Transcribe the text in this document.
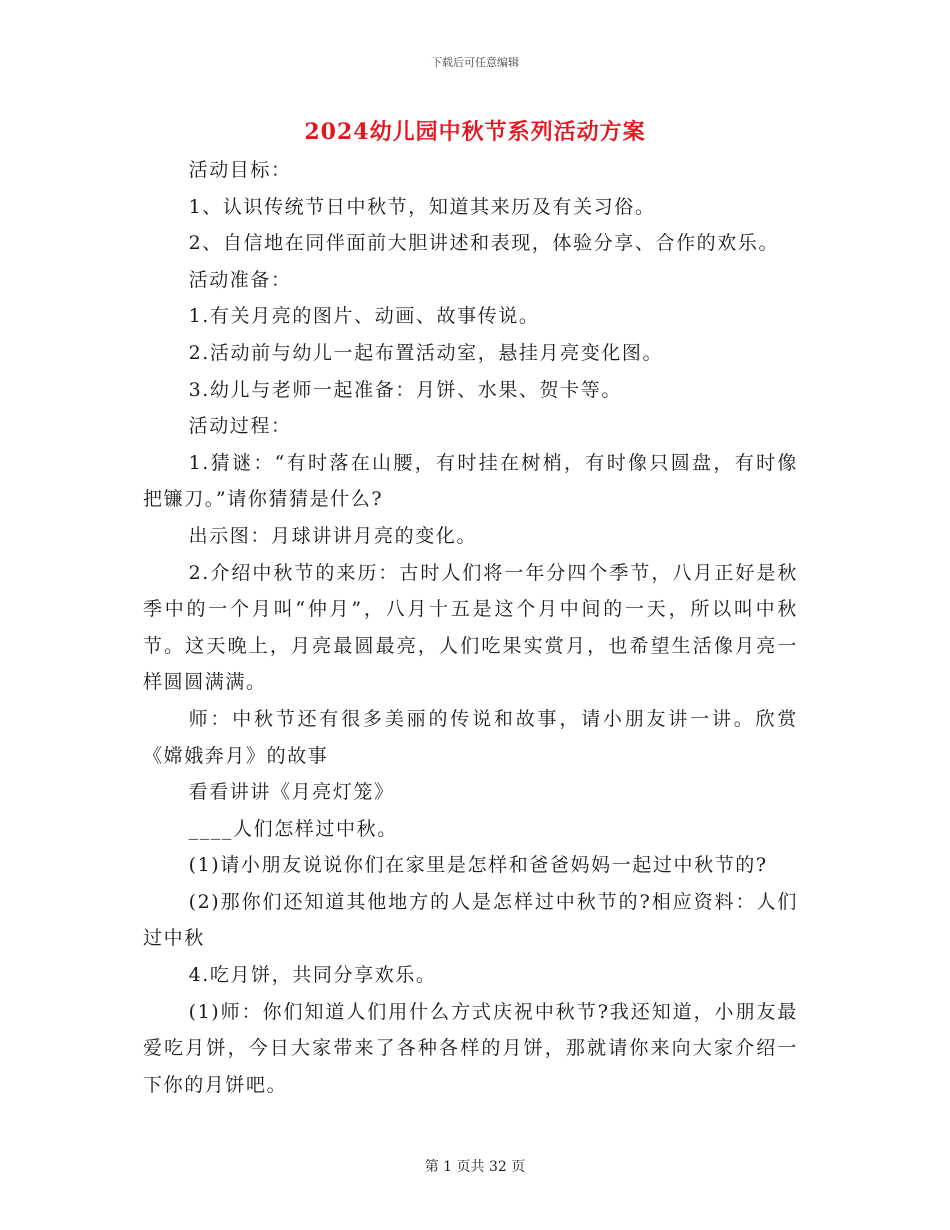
下载后可任意编辑
2024幼儿园中秋节系列活动方案

活动目标：

1、认识传统节日中秋节，知道其来历及有关习俗。

2、自信地在同伴面前大胆讲述和表现，体验分享、合作的欢乐。

活动准备：

1.有关月亮的图片、动画、故事传说。

2.活动前与幼儿一起布置活动室，悬挂月亮变化图。

3.幼儿与老师一起准备：月饼、水果、贺卡等。

活动过程：

1.猜谜：“有时落在山腰，有时挂在树梢，有时像只圆盘，有时像把镰刀。”请你猜猜是什么?

出示图：月球讲讲月亮的变化。

2.介绍中秋节的来历：古时人们将一年分四个季节，八月正好是秋季中的一个月叫“仲月”，八月十五是这个月中间的一天，所以叫中秋节。这天晚上，月亮最圆最亮，人们吃果实赏月，也希望生活像月亮一样圆圆满满。

师：中秋节还有很多美丽的传说和故事，请小朋友讲一讲。欣赏《嫦娥奔月》的故事

看看讲讲《月亮灯笼》

____人们怎样过中秋。

(1)请小朋友说说你们在家里是怎样和爸爸妈妈一起过中秋节的?

(2)那你们还知道其他地方的人是怎样过中秋节的?相应资料：人们过中秋

4.吃月饼，共同分享欢乐。

(1)师：你们知道人们用什么方式庆祝中秋节?我还知道，小朋友最爱吃月饼，今日大家带来了各种各样的月饼，那就请你来向大家介绍一下你的月饼吧。

第 1 页共 32 页
